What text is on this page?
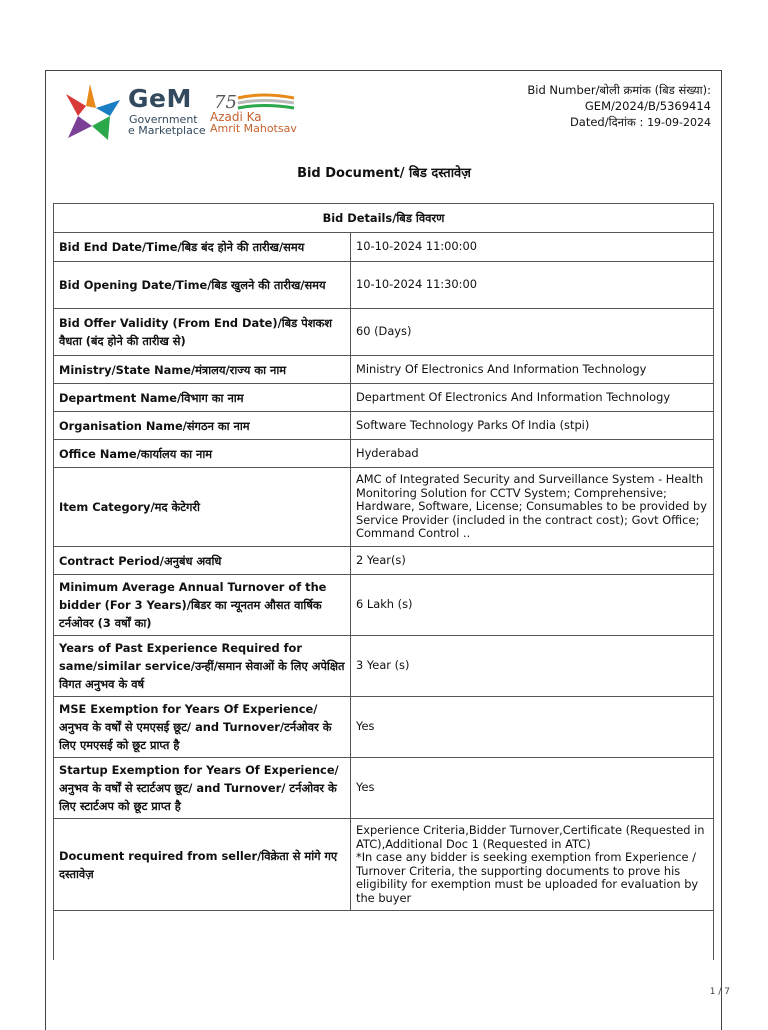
GeM
Government
e Marketplace
75
Azadi Ka
Amrit Mahotsav
Bid Number/बोली क्रमांक (बिड संख्या):
GEM/2024/B/5369414
Dated/दिनांक : 19-09-2024
Bid Document/ बिड दस्तावेज़
Bid Details/बिड विवरण	
Bid End Date/Time/बिड बंद होने की तारीख/समय	10-10-2024 11:00:00
Bid Opening Date/Time/बिड खुलने की तारीख/समय	10-10-2024 11:30:00
Bid Offer Validity (From End Date)/बिड पेशकश वैधता (बंद होने की तारीख से)	60 (Days)
Ministry/State Name/मंत्रालय/राज्य का नाम	Ministry Of Electronics And Information Technology
Department Name/विभाग का नाम	Department Of Electronics And Information Technology
Organisation Name/संगठन का नाम	Software Technology Parks Of India (stpi)
Office Name/कार्यालय का नाम	Hyderabad
Item Category/मद केटेगरी	AMC of Integrated Security and Surveillance System - Health Monitoring Solution for CCTV System; Comprehensive; Hardware, Software, License; Consumables to be provided by Service Provider (included in the contract cost); Govt Office; Command Control ..
Contract Period/अनुबंध अवधि	2 Year(s)
Minimum Average Annual Turnover of the bidder (For 3 Years)/बिडर का न्यूनतम औसत वार्षिक टर्नओवर (3 वर्षों का)	6 Lakh (s)
Years of Past Experience Required for same/similar service/उन्हीं/समान सेवाओं के लिए अपेक्षित विगत अनुभव के वर्ष	3 Year (s)
MSE Exemption for Years Of Experience/अनुभव के वर्षों से एमएसई छूट/ and Turnover/टर्नओवर के लिए एमएसई को छूट प्राप्त है	Yes
Startup Exemption for Years Of Experience/अनुभव के वर्षों से स्टार्टअप छूट/ and Turnover/ टर्नओवर के लिए स्टार्टअप को छूट प्राप्त है	Yes
Document required from seller/विक्रेता से मांगे गए दस्तावेज़	Experience Criteria,Bidder Turnover,Certificate (Requested in ATC),Additional Doc 1 (Requested in ATC)
*In case any bidder is seeking exemption from Experience / Turnover Criteria, the supporting documents to prove his eligibility for exemption must be uploaded for evaluation by the buyer
1 / 7
